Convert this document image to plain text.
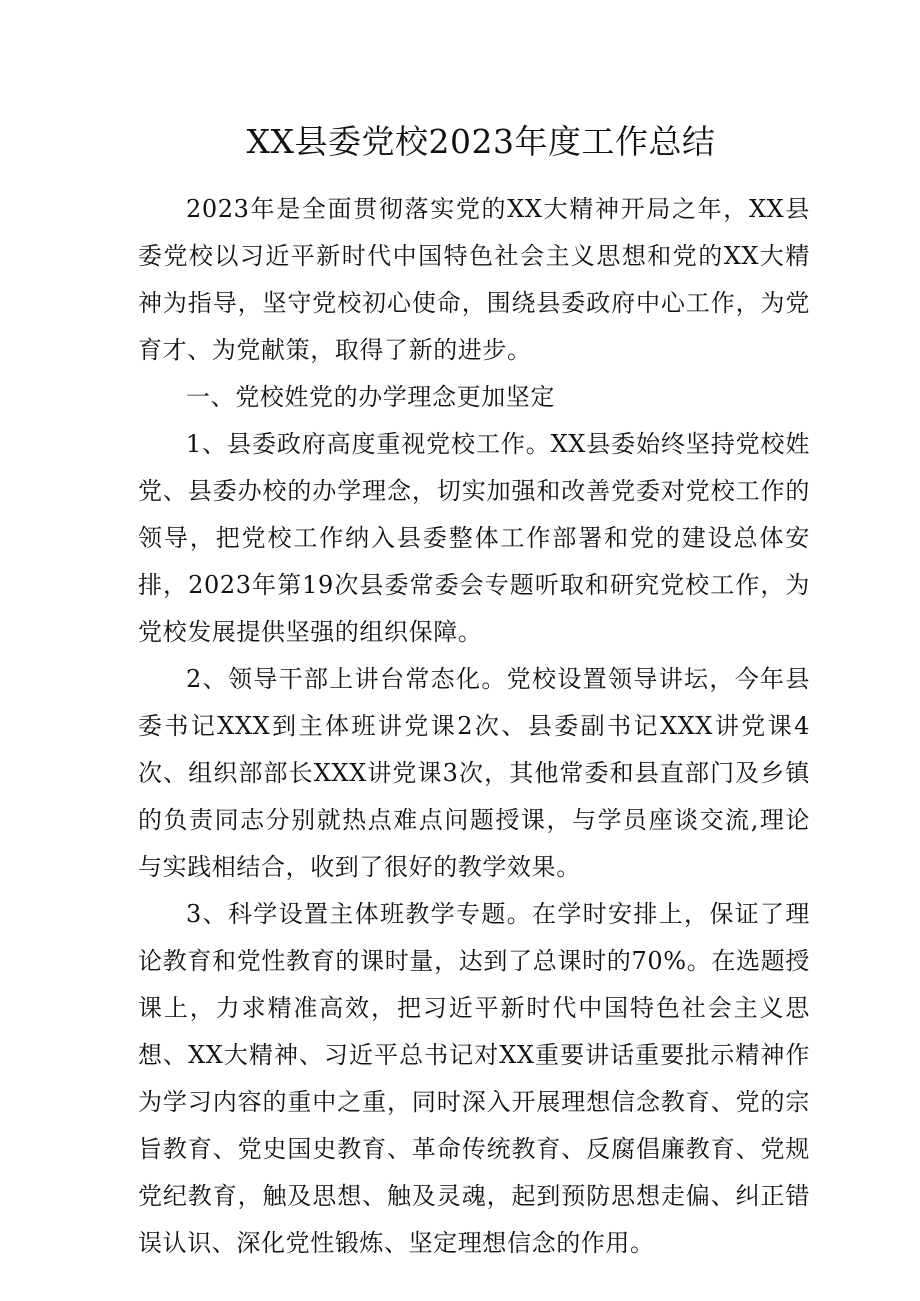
XX县委党校2023年度工作总结

2023年是全面贯彻落实党的XX大精神开局之年，XX县委党校以习近平新时代中国特色社会主义思想和党的XX大精神为指导，坚守党校初心使命，围绕县委政府中心工作，为党育才、为党献策，取得了新的进步。

一、党校姓党的办学理念更加坚定

1、县委政府高度重视党校工作。XX县委始终坚持党校姓党、县委办校的办学理念，切实加强和改善党委对党校工作的领导，把党校工作纳入县委整体工作部署和党的建设总体安排，2023年第19次县委常委会专题听取和研究党校工作，为党校发展提供坚强的组织保障。

2、领导干部上讲台常态化。党校设置领导讲坛，今年县委书记XXX到主体班讲党课2次、县委副书记XXX讲党课4次、组织部部长XXX讲党课3次，其他常委和县直部门及乡镇的负责同志分别就热点难点问题授课，与学员座谈交流,理论与实践相结合，收到了很好的教学效果。

3、科学设置主体班教学专题。在学时安排上，保证了理论教育和党性教育的课时量，达到了总课时的70%。在选题授课上，力求精准高效，把习近平新时代中国特色社会主义思想、XX大精神、习近平总书记对XX重要讲话重要批示精神作为学习内容的重中之重，同时深入开展理想信念教育、党的宗旨教育、党史国史教育、革命传统教育、反腐倡廉教育、党规党纪教育，触及思想、触及灵魂，起到预防思想走偏、纠正错误认识、深化党性锻炼、坚定理想信念的作用。
